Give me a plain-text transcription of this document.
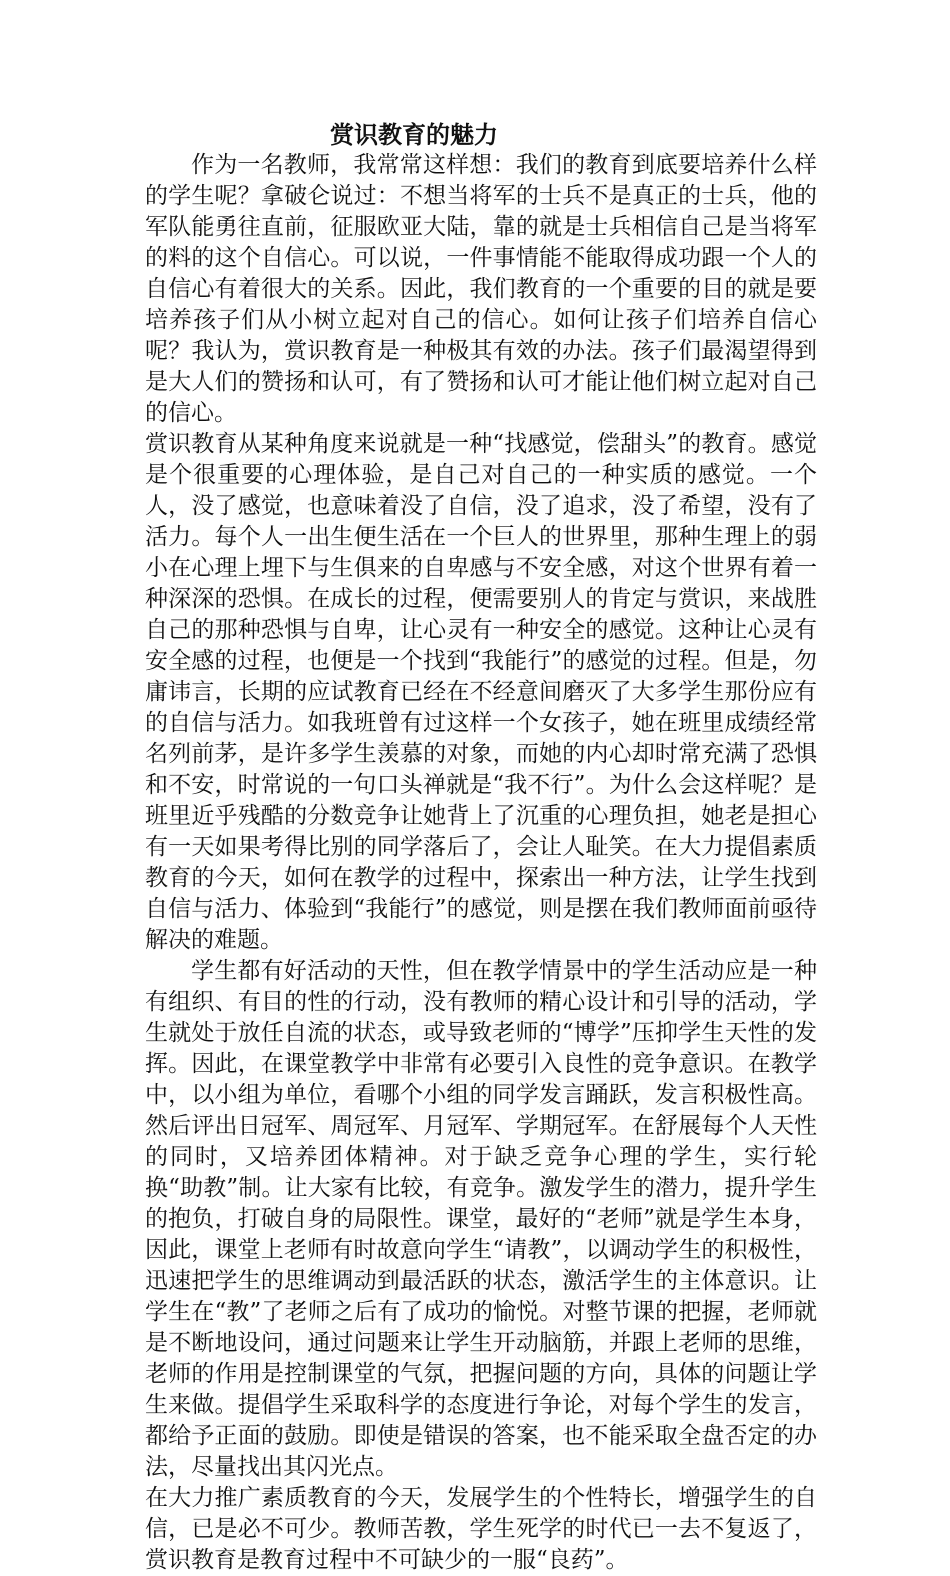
赏识教育的魅力

作为一名教师，我常常这样想：我们的教育到底要培养什么样的学生呢？拿破仑说过：不想当将军的士兵不是真正的士兵，他的军队能勇往直前，征服欧亚大陆，靠的就是士兵相信自己是当将军的料的这个自信心。可以说，一件事情能不能取得成功跟一个人的自信心有着很大的关系。因此，我们教育的一个重要的目的就是要培养孩子们从小树立起对自己的信心。如何让孩子们培养自信心呢？我认为，赏识教育是一种极其有效的办法。孩子们最渴望得到是大人们的赞扬和认可，有了赞扬和认可才能让他们树立起对自己的信心。

赏识教育从某种角度来说就是一种“找感觉，偿甜头”的教育。感觉是个很重要的心理体验，是自己对自己的一种实质的感觉。一个人，没了感觉，也意味着没了自信，没了追求，没了希望，没有了活力。每个人一出生便生活在一个巨人的世界里，那种生理上的弱小在心理上埋下与生俱来的自卑感与不安全感，对这个世界有着一种深深的恐惧。在成长的过程，便需要别人的肯定与赏识，来战胜自己的那种恐惧与自卑，让心灵有一种安全的感觉。这种让心灵有安全感的过程，也便是一个找到“我能行”的感觉的过程。但是，勿庸讳言，长期的应试教育已经在不经意间磨灭了大多学生那份应有的自信与活力。如我班曾有过这样一个女孩子，她在班里成绩经常名列前茅，是许多学生羡慕的对象，而她的内心却时常充满了恐惧和不安，时常说的一句口头禅就是“我不行”。为什么会这样呢？是班里近乎残酷的分数竞争让她背上了沉重的心理负担，她老是担心有一天如果考得比别的同学落后了，会让人耻笑。在大力提倡素质教育的今天，如何在教学的过程中，探索出一种方法，让学生找到自信与活力、体验到“我能行”的感觉，则是摆在我们教师面前亟待解决的难题。

学生都有好活动的天性，但在教学情景中的学生活动应是一种有组织、有目的性的行动，没有教师的精心设计和引导的活动，学生就处于放任自流的状态，或导致老师的“博学”压抑学生天性的发挥。因此，在课堂教学中非常有必要引入良性的竞争意识。在教学中，以小组为单位，看哪个小组的同学发言踊跃，发言积极性高。然后评出日冠军、周冠军、月冠军、学期冠军。在舒展每个人天性的同时，又培养团体精神。对于缺乏竞争心理的学生，实行轮换“助教”制。让大家有比较，有竞争。激发学生的潜力，提升学生的抱负，打破自身的局限性。课堂，最好的“老师”就是学生本身，因此，课堂上老师有时故意向学生“请教”，以调动学生的积极性，迅速把学生的思维调动到最活跃的状态，激活学生的主体意识。让学生在“教”了老师之后有了成功的愉悦。对整节课的把握，老师就是不断地设问，通过问题来让学生开动脑筋，并跟上老师的思维，老师的作用是控制课堂的气氛，把握问题的方向，具体的问题让学生来做。提倡学生采取科学的态度进行争论，对每个学生的发言，都给予正面的鼓励。即使是错误的答案，也不能采取全盘否定的办法，尽量找出其闪光点。

在大力推广素质教育的今天，发展学生的个性特长，增强学生的自信，已是必不可少。教师苦教，学生死学的时代已一去不复返了，赏识教育是教育过程中不可缺少的一服“良药”。
